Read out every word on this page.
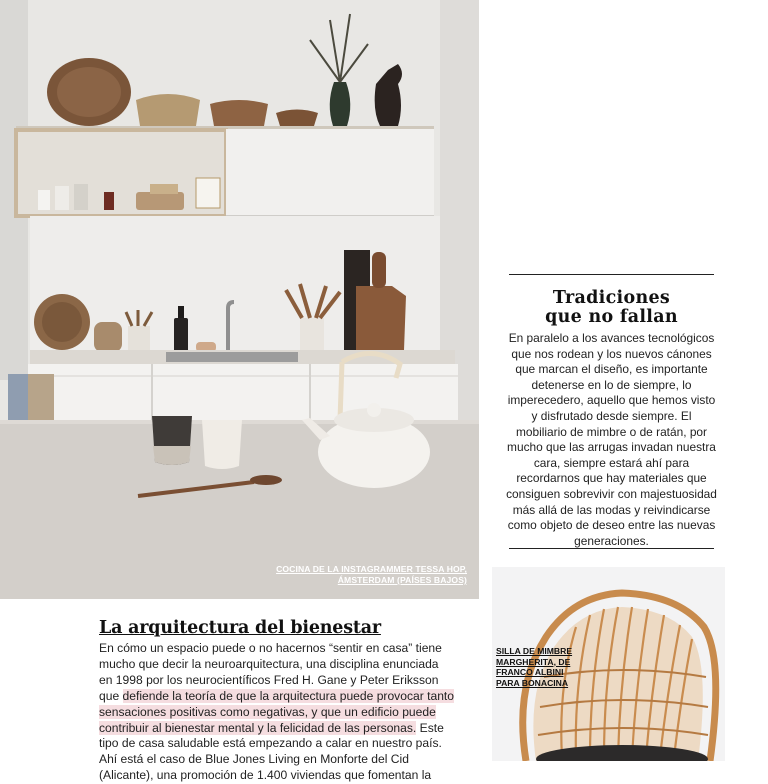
COCINA DE LA INSTAGRAMMER TESSA HOP,
ÁMSTERDAM (PAÍSES BAJOS)
Tradiciones
que no fallan
En paralelo a los avances tecnológicos que nos rodean y los nuevos cánones que marcan el diseño, es importante detenerse en lo de siempre, lo imperecedero, aquello que hemos visto y disfrutado desde siempre. El mobiliario de mimbre o de ratán, por mucho que las arrugas invadan nuestra cara, siempre estará ahí para recordarnos que hay materiales que consiguen sobrevivir con majestuosidad más allá de las modas y reivindicarse como objeto de deseo entre las nuevas generaciones.
SILLA DE MIMBRE MARGHERITA, DE FRANCO ALBINI PARA BONACINA
La arquitectura del bienestar
En cómo un espacio puede o no hacernos “sentir en casa” tiene mucho que decir la neuroarquitectura, una disciplina enunciada en 1998 por los neurocientíficos Fred H. Gane y Peter Eriksson que defiende la teoría de que la arquitectura puede provocar tanto sensaciones positivas como negativas, y que un edificio puede contribuir al bienestar mental y la felicidad de las personas. Este tipo de casa saludable está empezando a calar en nuestro país. Ahí está el caso de Blue Jones Living en Monforte del Cid (Alicante), una promoción de 1.400 viviendas que fomentan la
